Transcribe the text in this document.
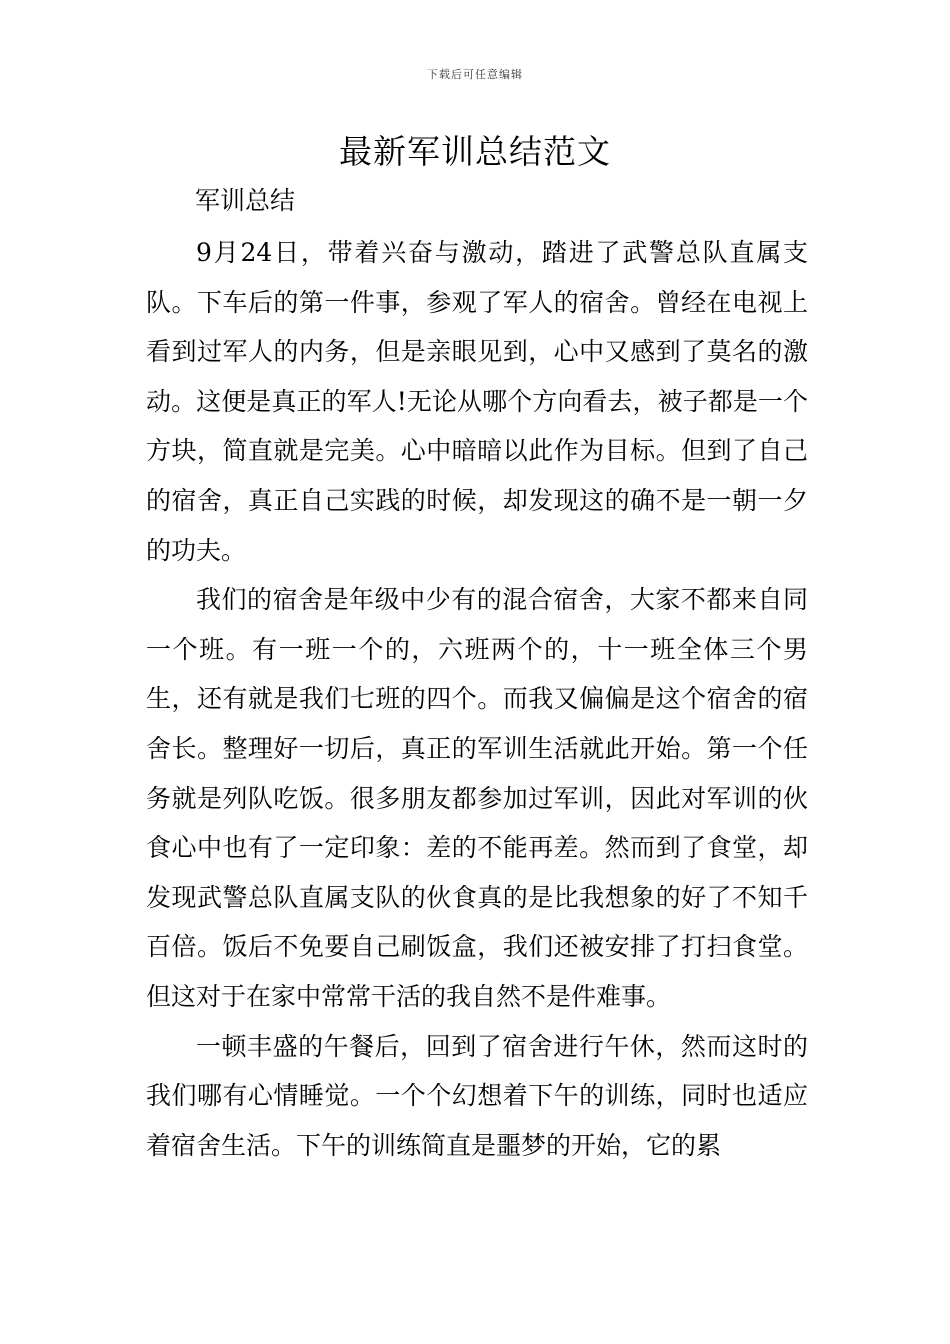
下载后可任意编辑
最新军训总结范文
军训总结

9月24日，带着兴奋与激动，踏进了武警总队直属支队。下车后的第一件事，参观了军人的宿舍。曾经在电视上看到过军人的内务，但是亲眼见到，心中又感到了莫名的激动。这便是真正的军人!无论从哪个方向看去，被子都是一个方块，简直就是完美。心中暗暗以此作为目标。但到了自己的宿舍，真正自己实践的时候，却发现这的确不是一朝一夕的功夫。

我们的宿舍是年级中少有的混合宿舍，大家不都来自同一个班。有一班一个的，六班两个的，十一班全体三个男生，还有就是我们七班的四个。而我又偏偏是这个宿舍的宿舍长。整理好一切后，真正的军训生活就此开始。第一个任务就是列队吃饭。很多朋友都参加过军训，因此对军训的伙食心中也有了一定印象：差的不能再差。然而到了食堂，却发现武警总队直属支队的伙食真的是比我想象的好了不知千百倍。饭后不免要自己刷饭盒，我们还被安排了打扫食堂。但这对于在家中常常干活的我自然不是件难事。

一顿丰盛的午餐后，回到了宿舍进行午休，然而这时的我们哪有心情睡觉。一个个幻想着下午的训练，同时也适应着宿舍生活。下午的训练简直是噩梦的开始，它的累
